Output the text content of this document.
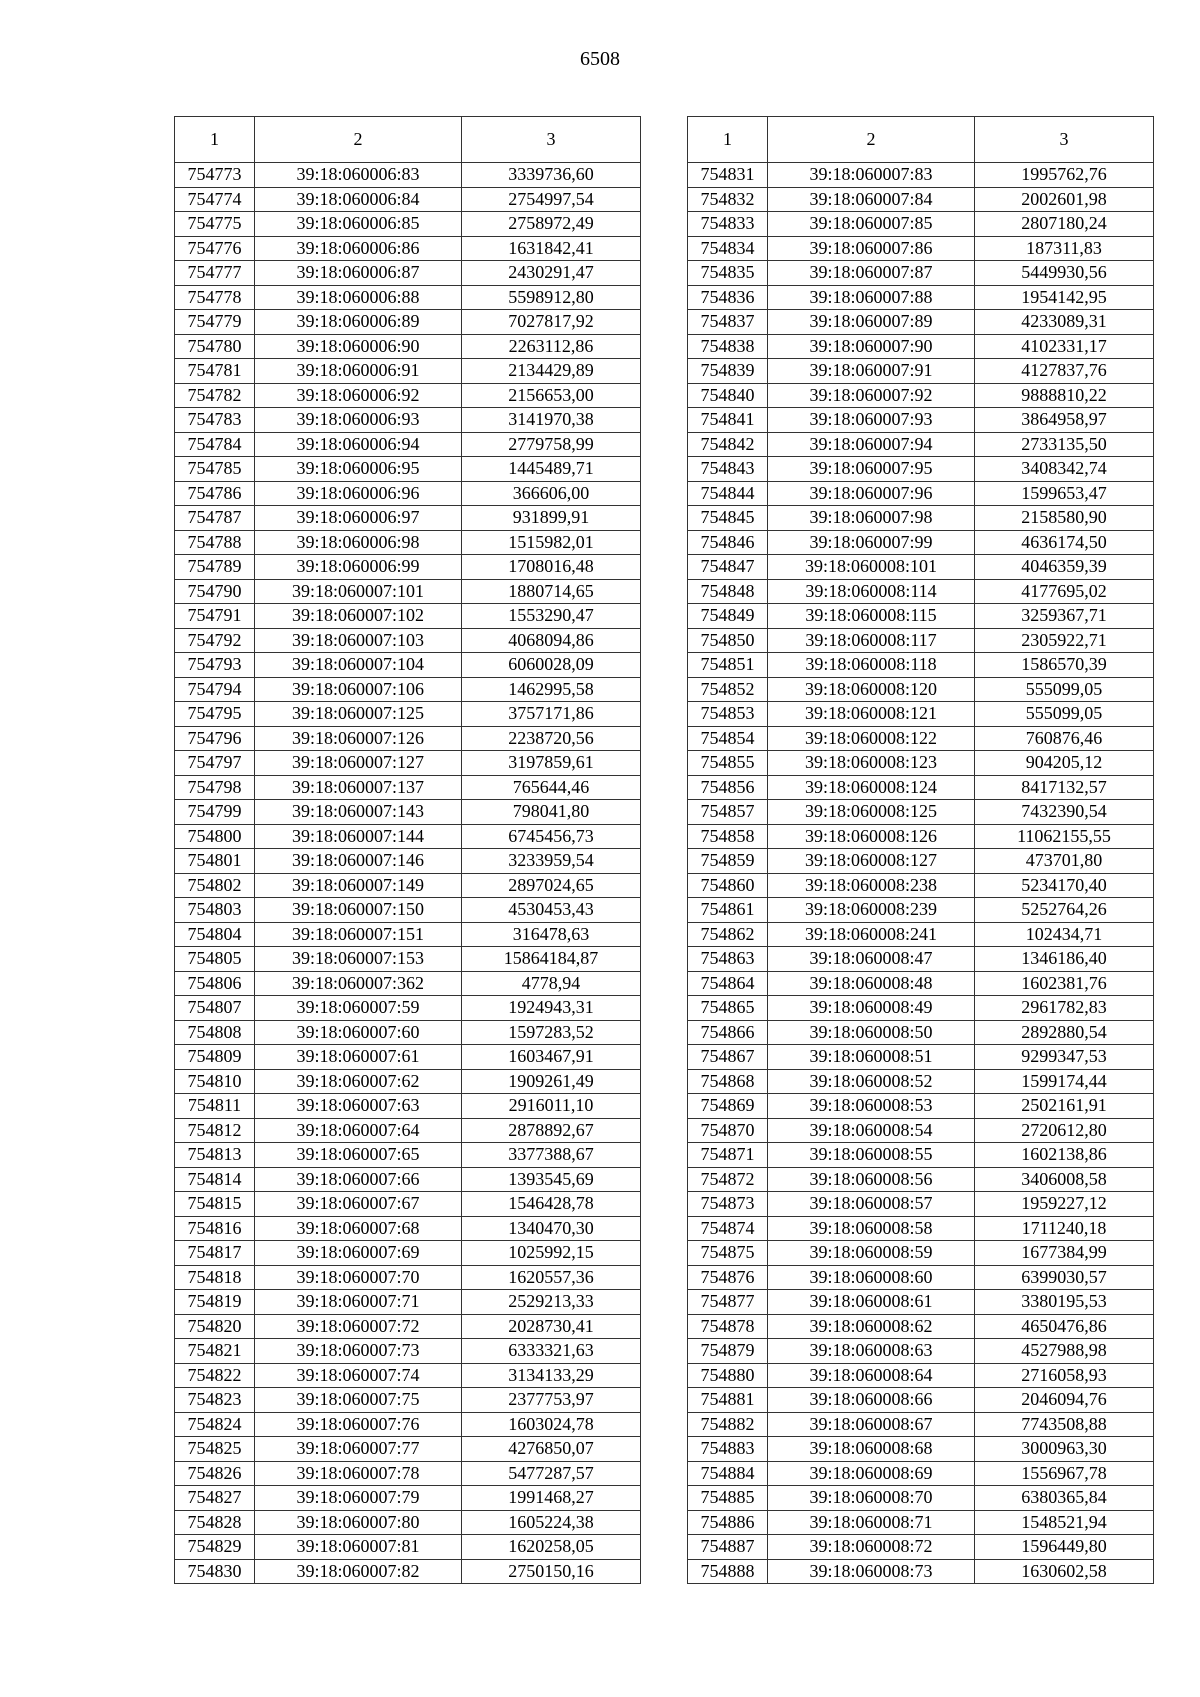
6508
1	2	3
754773	39:18:060006:83	3339736,60
754774	39:18:060006:84	2754997,54
754775	39:18:060006:85	2758972,49
754776	39:18:060006:86	1631842,41
754777	39:18:060006:87	2430291,47
754778	39:18:060006:88	5598912,80
754779	39:18:060006:89	7027817,92
754780	39:18:060006:90	2263112,86
754781	39:18:060006:91	2134429,89
754782	39:18:060006:92	2156653,00
754783	39:18:060006:93	3141970,38
754784	39:18:060006:94	2779758,99
754785	39:18:060006:95	1445489,71
754786	39:18:060006:96	366606,00
754787	39:18:060006:97	931899,91
754788	39:18:060006:98	1515982,01
754789	39:18:060006:99	1708016,48
754790	39:18:060007:101	1880714,65
754791	39:18:060007:102	1553290,47
754792	39:18:060007:103	4068094,86
754793	39:18:060007:104	6060028,09
754794	39:18:060007:106	1462995,58
754795	39:18:060007:125	3757171,86
754796	39:18:060007:126	2238720,56
754797	39:18:060007:127	3197859,61
754798	39:18:060007:137	765644,46
754799	39:18:060007:143	798041,80
754800	39:18:060007:144	6745456,73
754801	39:18:060007:146	3233959,54
754802	39:18:060007:149	2897024,65
754803	39:18:060007:150	4530453,43
754804	39:18:060007:151	316478,63
754805	39:18:060007:153	15864184,87
754806	39:18:060007:362	4778,94
754807	39:18:060007:59	1924943,31
754808	39:18:060007:60	1597283,52
754809	39:18:060007:61	1603467,91
754810	39:18:060007:62	1909261,49
754811	39:18:060007:63	2916011,10
754812	39:18:060007:64	2878892,67
754813	39:18:060007:65	3377388,67
754814	39:18:060007:66	1393545,69
754815	39:18:060007:67	1546428,78
754816	39:18:060007:68	1340470,30
754817	39:18:060007:69	1025992,15
754818	39:18:060007:70	1620557,36
754819	39:18:060007:71	2529213,33
754820	39:18:060007:72	2028730,41
754821	39:18:060007:73	6333321,63
754822	39:18:060007:74	3134133,29
754823	39:18:060007:75	2377753,97
754824	39:18:060007:76	1603024,78
754825	39:18:060007:77	4276850,07
754826	39:18:060007:78	5477287,57
754827	39:18:060007:79	1991468,27
754828	39:18:060007:80	1605224,38
754829	39:18:060007:81	1620258,05
754830	39:18:060007:82	2750150,16
1	2	3
754831	39:18:060007:83	1995762,76
754832	39:18:060007:84	2002601,98
754833	39:18:060007:85	2807180,24
754834	39:18:060007:86	187311,83
754835	39:18:060007:87	5449930,56
754836	39:18:060007:88	1954142,95
754837	39:18:060007:89	4233089,31
754838	39:18:060007:90	4102331,17
754839	39:18:060007:91	4127837,76
754840	39:18:060007:92	9888810,22
754841	39:18:060007:93	3864958,97
754842	39:18:060007:94	2733135,50
754843	39:18:060007:95	3408342,74
754844	39:18:060007:96	1599653,47
754845	39:18:060007:98	2158580,90
754846	39:18:060007:99	4636174,50
754847	39:18:060008:101	4046359,39
754848	39:18:060008:114	4177695,02
754849	39:18:060008:115	3259367,71
754850	39:18:060008:117	2305922,71
754851	39:18:060008:118	1586570,39
754852	39:18:060008:120	555099,05
754853	39:18:060008:121	555099,05
754854	39:18:060008:122	760876,46
754855	39:18:060008:123	904205,12
754856	39:18:060008:124	8417132,57
754857	39:18:060008:125	7432390,54
754858	39:18:060008:126	11062155,55
754859	39:18:060008:127	473701,80
754860	39:18:060008:238	5234170,40
754861	39:18:060008:239	5252764,26
754862	39:18:060008:241	102434,71
754863	39:18:060008:47	1346186,40
754864	39:18:060008:48	1602381,76
754865	39:18:060008:49	2961782,83
754866	39:18:060008:50	2892880,54
754867	39:18:060008:51	9299347,53
754868	39:18:060008:52	1599174,44
754869	39:18:060008:53	2502161,91
754870	39:18:060008:54	2720612,80
754871	39:18:060008:55	1602138,86
754872	39:18:060008:56	3406008,58
754873	39:18:060008:57	1959227,12
754874	39:18:060008:58	1711240,18
754875	39:18:060008:59	1677384,99
754876	39:18:060008:60	6399030,57
754877	39:18:060008:61	3380195,53
754878	39:18:060008:62	4650476,86
754879	39:18:060008:63	4527988,98
754880	39:18:060008:64	2716058,93
754881	39:18:060008:66	2046094,76
754882	39:18:060008:67	7743508,88
754883	39:18:060008:68	3000963,30
754884	39:18:060008:69	1556967,78
754885	39:18:060008:70	6380365,84
754886	39:18:060008:71	1548521,94
754887	39:18:060008:72	1596449,80
754888	39:18:060008:73	1630602,58
